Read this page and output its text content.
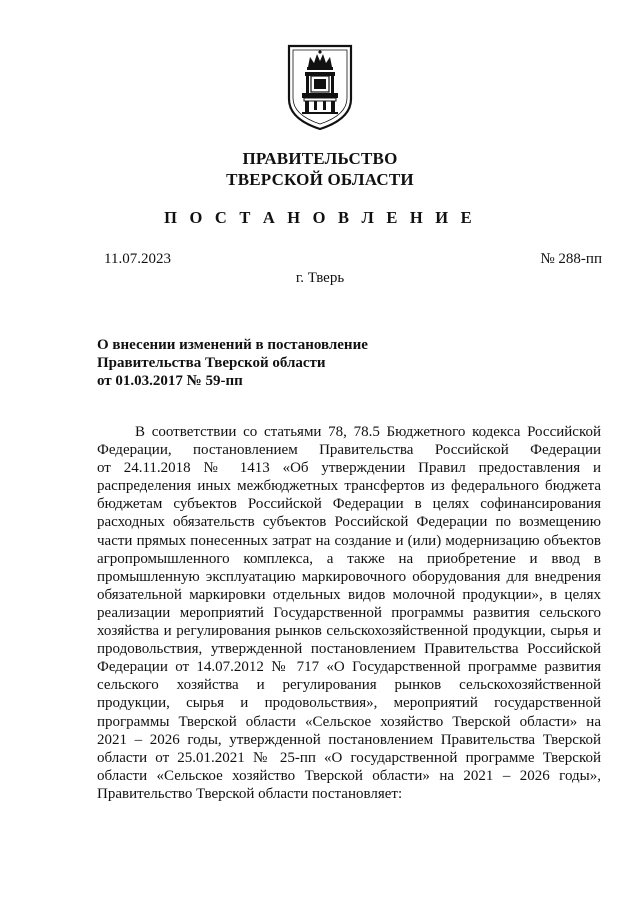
ПРАВИТЕЛЬСТВО
ТВЕРСКОЙ ОБЛАСТИ
П О С Т А Н О В Л Е Н И Е
11.07.2023	№ 288-пп
г. Тверь
О внесении изменений в постановление
Правительства Тверской области
от 01.03.2017 № 59-пп
В соответствии со статьями 78, 78.5 Бюджетного кодекса Российской
Федерации, постановлением Правительства Российской Федерации
от 24.11.2018 № 1413 «Об утверждении Правил предоставления и
распределения иных межбюджетных трансфертов из федерального бюджета
бюджетам субъектов Российской Федерации в целях софинансирования
расходных обязательств субъектов Российской Федерации по возмещению
части прямых понесенных затрат на создание и (или) модернизацию объектов
агропромышленного комплекса, а также на приобретение и ввод в
промышленную эксплуатацию маркировочного оборудования для внедрения
обязательной маркировки отдельных видов молочной продукции», в целях
реализации мероприятий Государственной программы развития сельского
хозяйства и регулирования рынков сельскохозяйственной продукции, сырья и
продовольствия, утвержденной постановлением Правительства Российской
Федерации от 14.07.2012 № 717 «О Государственной программе развития
сельского хозяйства и регулирования рынков сельскохозяйственной
продукции, сырья и продовольствия», мероприятий государственной
программы Тверской области «Сельское хозяйство Тверской области» на
2021 – 2026 годы, утвержденной постановлением Правительства Тверской
области от 25.01.2021 № 25-пп «О государственной программе Тверской
области «Сельское хозяйство Тверской области» на 2021 – 2026 годы»,
Правительство Тверской области постановляет:
